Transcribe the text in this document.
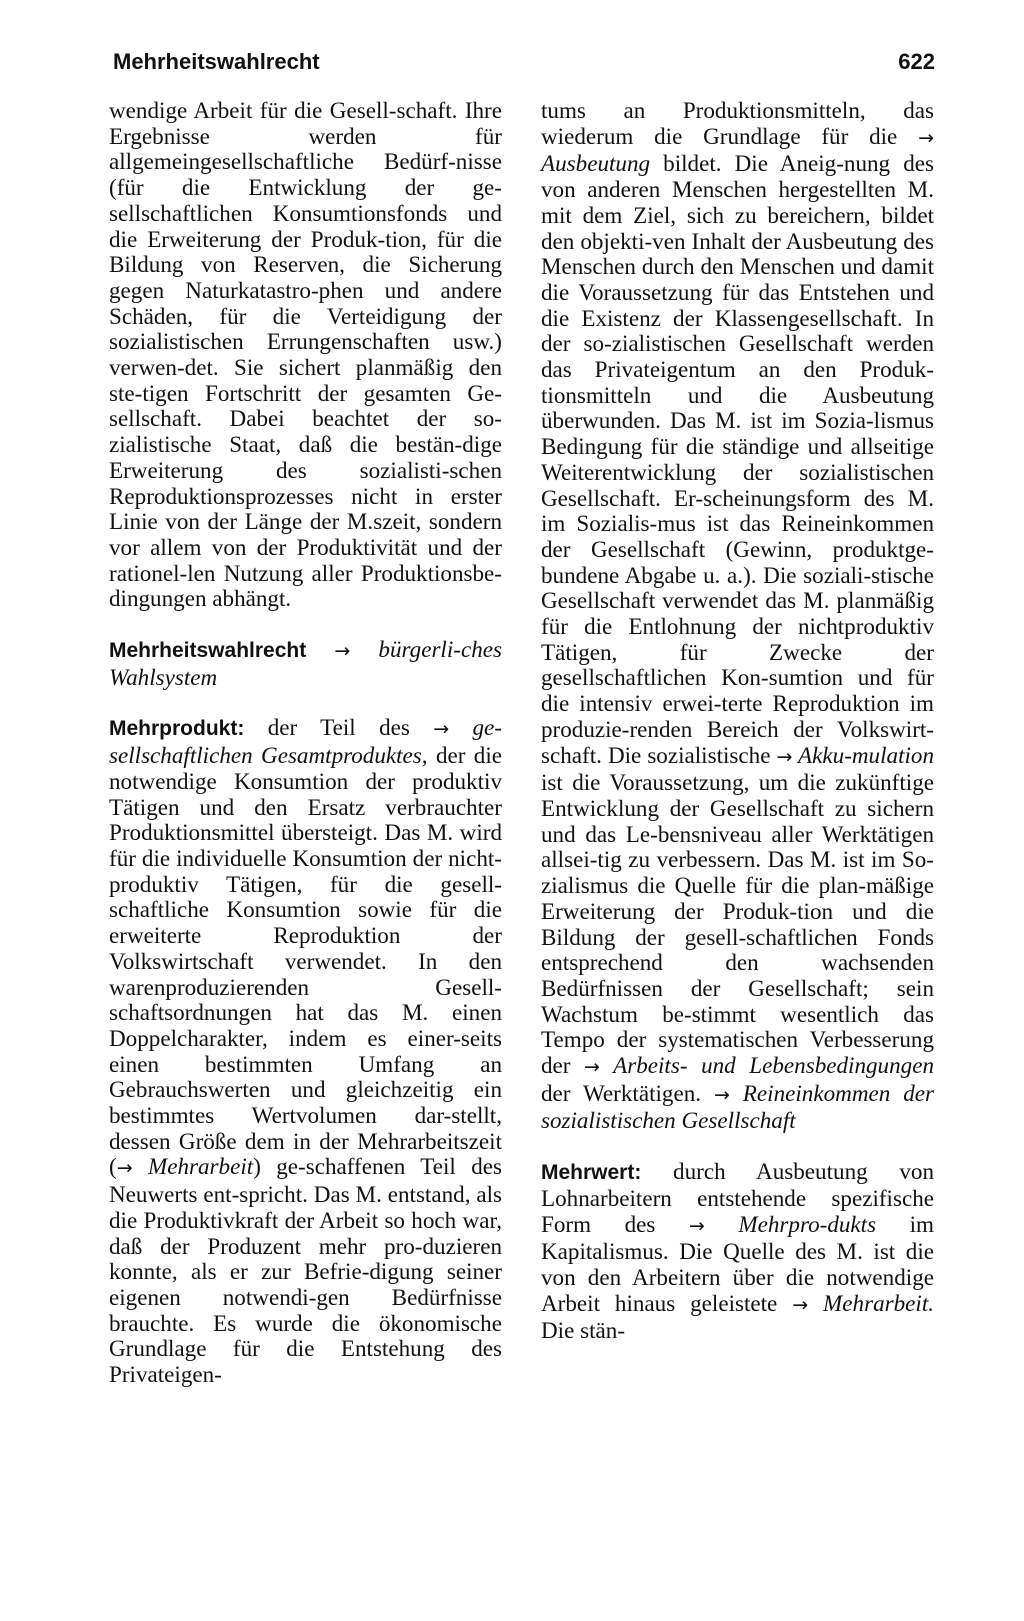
Mehrheitswahlrecht	622

wendige Arbeit für die Gesell-schaft. Ihre Ergebnisse werden für allgemeingesellschaftliche Bedürf-nisse (für die Entwicklung der ge-sellschaftlichen Konsumtionsfonds und die Erweiterung der Produk-tion, für die Bildung von Reserven, die Sicherung gegen Naturkatastro-phen und andere Schäden, für die Verteidigung der sozialistischen Errungenschaften usw.) verwen-det. Sie sichert planmäßig den ste-tigen Fortschritt der gesamten Ge-sellschaft. Dabei beachtet der so-zialistische Staat, daß die bestän-dige Erweiterung des sozialisti-schen Reproduktionsprozesses nicht in erster Linie von der Länge der M.szeit, sondern vor allem von der Produktivität und der rationel-len Nutzung aller Produktionsbe-dingungen abhängt.

Mehrheitswahlrecht → bürgerli-ches Wahlsystem

Mehrprodukt: der Teil des → ge-sellschaftlichen Gesamtproduktes, der die notwendige Konsumtion der produktiv Tätigen und den Ersatz verbrauchter Produktionsmittel übersteigt. Das M. wird für die individuelle Konsumtion der nicht-produktiv Tätigen, für die gesell-schaftliche Konsumtion sowie für die erweiterte Reproduktion der Volkswirtschaft verwendet. In den warenproduzierenden Gesell-schaftsordnungen hat das M. einen Doppelcharakter, indem es einer-seits einen bestimmten Umfang an Gebrauchswerten und gleichzeitig ein bestimmtes Wertvolumen dar-stellt, dessen Größe dem in der Mehrarbeitszeit (→ Mehrarbeit) ge-schaffenen Teil des Neuwerts ent-spricht. Das M. entstand, als die Produktivkraft der Arbeit so hoch war, daß der Produzent mehr pro-duzieren konnte, als er zur Befrie-digung seiner eigenen notwendi-gen Bedürfnisse brauchte. Es wurde die ökonomische Grundlage für die Entstehung des Privateigen-

tums an Produktionsmitteln, das wiederum die Grundlage für die → Ausbeutung bildet. Die Aneig-nung des von anderen Menschen hergestellten M. mit dem Ziel, sich zu bereichern, bildet den objekti-ven Inhalt der Ausbeutung des Menschen durch den Menschen und damit die Voraussetzung für das Entstehen und die Existenz der Klassengesellschaft. In der so-zialistischen Gesellschaft werden das Privateigentum an den Produk-tionsmitteln und die Ausbeutung überwunden. Das M. ist im Sozia-lismus Bedingung für die ständige und allseitige Weiterentwicklung der sozialistischen Gesellschaft. Er-scheinungsform des M. im Sozialis-mus ist das Reineinkommen der Gesellschaft (Gewinn, produktge-bundene Abgabe u. a.). Die soziali-stische Gesellschaft verwendet das M. planmäßig für die Entlohnung der nichtproduktiv Tätigen, für Zwecke der gesellschaftlichen Kon-sumtion und für die intensiv erwei-terte Reproduktion im produzie-renden Bereich der Volkswirt-schaft. Die sozialistische → Akku-mulation ist die Voraussetzung, um die zukünftige Entwicklung der Gesellschaft zu sichern und das Le-bensniveau aller Werktätigen allsei-tig zu verbessern. Das M. ist im So-zialismus die Quelle für die plan-mäßige Erweiterung der Produk-tion und die Bildung der gesell-schaftlichen Fonds entsprechend den wachsenden Bedürfnissen der Gesellschaft; sein Wachstum be-stimmt wesentlich das Tempo der systematischen Verbesserung der → Arbeits- und Lebensbedingungen der Werktätigen. → Reineinkommen der sozialistischen Gesellschaft

Mehrwert: durch Ausbeutung von Lohnarbeitern entstehende spezifische Form des → Mehrpro-dukts im Kapitalismus. Die Quelle des M. ist die von den Arbeitern über die notwendige Arbeit hinaus geleistete → Mehrarbeit. Die stän-
